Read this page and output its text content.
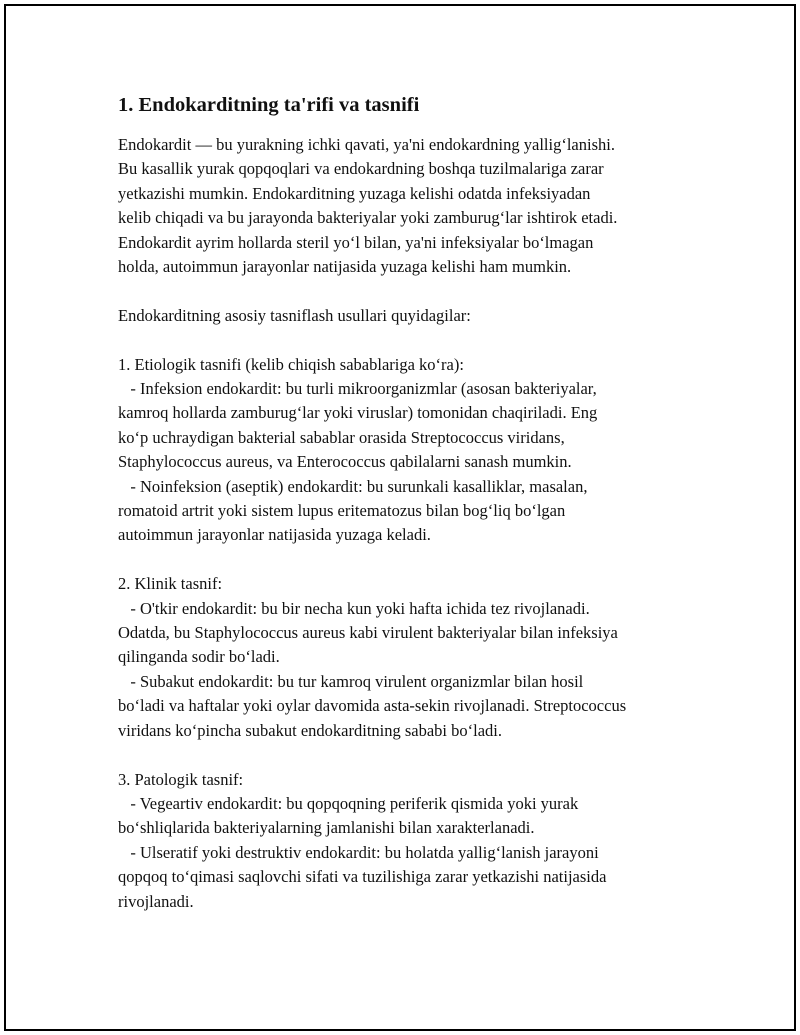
1. Endokarditning ta'rifi va tasnifi

Endokardit — bu yurakning ichki qavati, ya'ni endokardning yallig‘lanishi.
Bu kasallik yurak qopqoqlari va endokardning boshqa tuzilmalariga zarar
yetkazishi mumkin. Endokarditning yuzaga kelishi odatda infeksiyadan
kelib chiqadi va bu jarayonda bakteriyalar yoki zamburug‘lar ishtirok etadi.
Endokardit ayrim hollarda steril yo‘l bilan, ya'ni infeksiyalar bo‘lmagan
holda, autoimmun jarayonlar natijasida yuzaga kelishi ham mumkin.

Endokarditning asosiy tasniflash usullari quyidagilar:

1. Etiologik tasnifi (kelib chiqish sabablariga ko‘ra):
- Infeksion endokardit: bu turli mikroorganizmlar (asosan bakteriyalar,
kamroq hollarda zamburug‘lar yoki viruslar) tomonidan chaqiriladi. Eng
ko‘p uchraydigan bakterial sabablar orasida Streptococcus viridans,
Staphylococcus aureus, va Enterococcus qabilalarni sanash mumkin.
- Noinfeksion (aseptik) endokardit: bu surunkali kasalliklar, masalan,
romatoid artrit yoki sistem lupus eritematozus bilan bog‘liq bo‘lgan
autoimmun jarayonlar natijasida yuzaga keladi.

2. Klinik tasnif:
- O'tkir endokardit: bu bir necha kun yoki hafta ichida tez rivojlanadi.
Odatda, bu Staphylococcus aureus kabi virulent bakteriyalar bilan infeksiya
qilinganda sodir bo‘ladi.
- Subakut endokardit: bu tur kamroq virulent organizmlar bilan hosil
bo‘ladi va haftalar yoki oylar davomida asta-sekin rivojlanadi. Streptococcus
viridans ko‘pincha subakut endokarditning sababi bo‘ladi.

3. Patologik tasnif:
- Vegeartiv endokardit: bu qopqoqning periferik qismida yoki yurak
bo‘shliqlarida bakteriyalarning jamlanishi bilan xarakterlanadi.
- Ulseratif yoki destruktiv endokardit: bu holatda yallig‘lanish jarayoni
qopqoq to‘qimasi saqlovchi sifati va tuzilishiga zarar yetkazishi natijasida
rivojlanadi.
